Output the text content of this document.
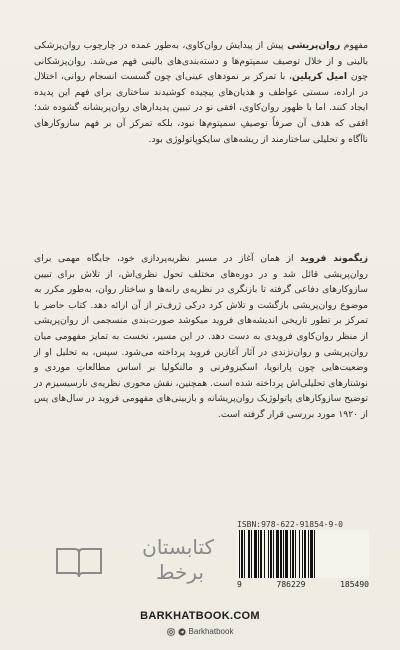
مفهوم روان‌پریشی پیش از پیدایش روان‌کاوی، به‌طور عمده در چارچوب روان‌پزشکی بالینی و از خلال توصیف سمپتوم‌ها و دسته‌بندی‌های بالینی فهم می‌شد. روان‌پزشکانی چون امیل کرپلین، با تمرکز بر نمودهای عینی‌ای چون گسست انسجام روانی، اختلال در اراده، سستی عواطف و هذیان‌های پیچیده کوشیدند ساختاری برای فهم این پدیده ایجاد کنند. اما با ظهور روان‌کاوی، افقی نو در تبیین پدیدارهای روان‌پریشانه گشوده شد؛ افقی که هدف آن صرفاً توصیفِ سمپتوم‌ها نبود، بلکه تمرکز آن بر فهم سازوکارهای ناآگاه و تحلیلی ساختارمند از ریشه‌های سایکوپاتولوژی بود.

زیگموند فروید از همان آغاز در مسیر نظریه‌پردازی خود، جایگاه مهمی برای روان‌پریشی قائل شد و در دوره‌های مختلف تحول نظری‌اش، از تلاش برای تبیین سازوکارهای دفاعی گرفته تا بازنگری در نظریه‌ی رانه‌ها و ساختار روان، به‌طور مکرر به موضوع روان‌پریشی بازگشت و تلاش کرد درکی ژرف‌تر از آن ارائه دهد. کتاب حاضر با تمرکز بر تطور تاریخی اندیشه‌های فروید میکوشد صورت‌بندی منسجمی از روان‌پریشی از منظر روان‌کاوی فرویدی به دست دهد. در این مسیر، نخست به تمایز مفهومی میان روان‌پریشی و روان‌نژندی در آثار آغازین فروید پرداخته می‌شود. سپس، به تحلیل او از وضعیت‌هایی چون پارانویا، اسکیزوفرنی و مالنکولیا بر اساس مطالعاتِ موردی و نوشتارهای تحلیلی‌اش پرداخته شده است. همچنین، نقش محوری نظریه‌ی نارسیسیزم در توضیح سازوکارهای پاتولوژیک روان‌پریشانه و بازبینی‌های مفهومی فروید در سال‌های پس از ۱۹۲۰ مورد بررسی قرار گرفته است.

کتابستان
برخط
ISBN:978-622-91854-9-0
9	786229	185490
BARKHATBOOK.COM
Barkhatbook
